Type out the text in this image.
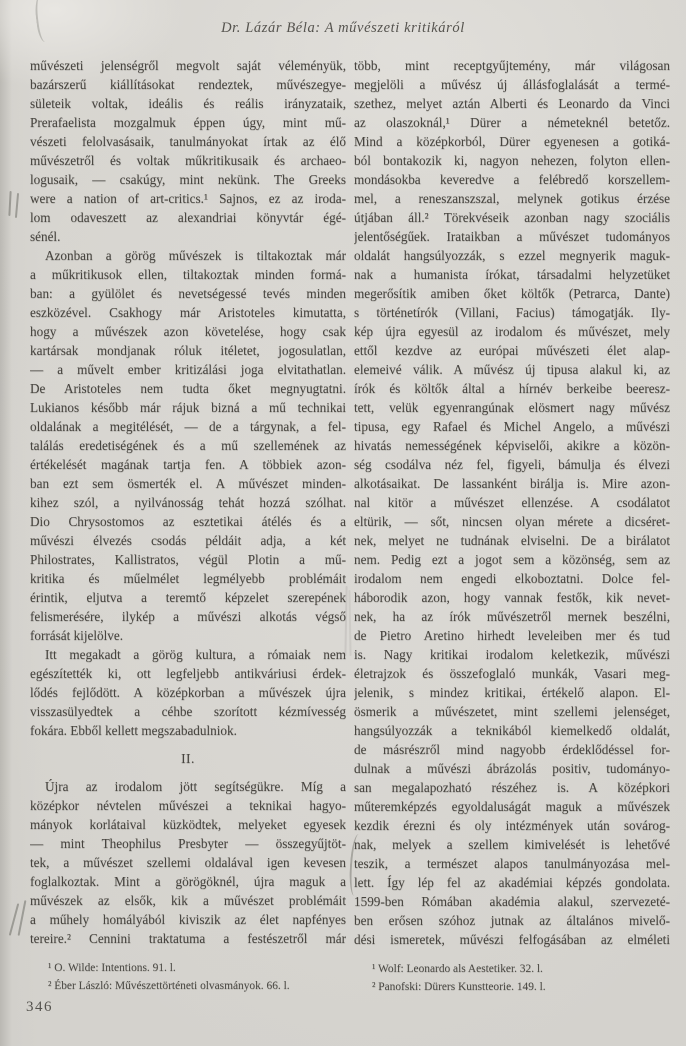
Dr. Lázár Béla: A művészeti kritikáról
művészeti jelenségről megvolt saját véleményük,
bazárszerű kiállításokat rendeztek, művészegye-
sületeik voltak, ideális és reális irányzataik,
Prerafaelista mozgalmuk éppen úgy, mint mű-
vészeti felolvasásaik, tanulmányokat írtak az élő
művészetről és voltak műkritikusaik és archaeo-
logusaik, — csakúgy, mint nekünk. The Greeks
were a nation of art-critics.¹ Sajnos, ez az iroda-
lom odaveszett az alexandriai könyvtár égé-
sénél.
Azonban a görög művészek is tiltakoztak már
a műkritikusok ellen, tiltakoztak minden formá-
ban: a gyülölet és nevetségessé tevés minden
eszközével. Csakhogy már Aristoteles kimutatta,
hogy a művészek azon követelése, hogy csak
kartársak mondjanak róluk itéletet, jogosulatlan,
— a művelt ember kritizálási joga elvitathatlan.
De Aristoteles nem tudta őket megnyugtatni.
Lukianos később már rájuk bizná a mű technikai
oldalának a megitélését, — de a tárgynak, a fel-
találás eredetiségének és a mű szellemének az
értékelését magának tartja fen. A többiek azon-
ban ezt sem ösmerték el. A művészet minden-
kihez szól, a nyilvánosság tehát hozzá szólhat.
Dio Chrysostomos az esztetikai átélés és a
művészi élvezés csodás példáit adja, a két
Philostrates, Kallistratos, végül Plotin a mű-
kritika és műelmélet legmélyebb problémáit
érintik, eljutva a teremtő képzelet szerepének
felismerésére, ilykép a művészi alkotás végső
forrását kijelölve.
Itt megakadt a görög kultura, a rómaiak nem
egészítették ki, ott legfeljebb antikváriusi érdek-
lődés fejlődött. A középkorban a művészek újra
visszasülyedtek a céhbe szorított kézmívesség
fokára. Ebből kellett megszabadulniok.
II.
Újra az irodalom jött segítségükre. Míg a
középkor névtelen művészei a teknikai hagyo-
mányok korlátaival küzködtek, melyeket egyesek
— mint Theophilus Presbyter — összegyűjtöt-
tek, a művészet szellemi oldalával igen kevesen
foglalkoztak. Mint a görögöknél, újra maguk a
művészek az elsők, kik a művészet problémáit
a műhely homályából kiviszik az élet napfényes
tereire.² Cennini traktatuma a festészetről már
¹ O. Wilde: Intentions. 91. l.
² Éber László: Művészettörténeti olvasmányok. 66. l.
több, mint receptgyűjtemény, már világosan
megjelöli a művész új állásfoglalását a termé-
szethez, melyet aztán Alberti és Leonardo da Vinci
az olaszoknál,¹ Dürer a németeknél betetőz.
Mind a középkorból, Dürer egyenesen a gotiká-
ból bontakozik ki, nagyon nehezen, folyton ellen-
mondásokba keveredve a felébredő korszellem-
mel, a reneszanszszal, melynek gotikus érzése
útjában áll.² Törekvéseik azonban nagy szociális
jelentőségűek. Irataikban a művészet tudományos
oldalát hangsúlyozzák, s ezzel megnyerik maguk-
nak a humanista írókat, társadalmi helyzetüket
megerősítik amiben őket költők (Petrarca, Dante)
s történetírók (Villani, Facius) támogatják. Ily-
kép újra egyesül az irodalom és művészet, mely
ettől kezdve az európai művészeti élet alap-
elemeivé válik. A művész új tipusa alakul ki, az
írók és költők által a hírnév berkeibe beeresz-
tett, velük egyenrangúnak elösmert nagy művész
tipusa, egy Rafael és Michel Angelo, a művészi
hivatás nemességének képviselői, akikre a közön-
ség csodálva néz fel, figyeli, bámulja és élvezi
alkotásaikat. De lassanként birálja is. Mire azon-
nal kitör a művészet ellenzése. A csodálatot
eltürik, — sőt, nincsen olyan mérete a dicséret-
nek, melyet ne tudnának elviselni. De a birálatot
nem. Pedig ezt a jogot sem a közönség, sem az
irodalom nem engedi elkoboztatni. Dolce fel-
háborodik azon, hogy vannak festők, kik nevet-
nek, ha az írók művészetről mernek beszélni,
de Pietro Aretino hirhedt leveleiben mer és tud
is. Nagy kritikai irodalom keletkezik, művészi
életrajzok és összefoglaló munkák, Vasari meg-
jelenik, s mindez kritikai, értékelő alapon. El-
ösmerik a művészetet, mint szellemi jelenséget,
hangsúlyozzák a teknikából kiemelkedő oldalát,
de másrészről mind nagyobb érdeklődéssel for-
dulnak a művészi ábrázolás positiv, tudományo-
san megalapozható részéhez is. A középkori
műteremképzés egyoldaluságát maguk a művészek
kezdik érezni és oly intézmények után sovárog-
nak, melyek a szellem kimivelését is lehetővé
teszik, a természet alapos tanulmányozása mel-
lett. Így lép fel az akadémiai képzés gondolata.
1599-ben Rómában akadémia alakul, szervezeté-
ben erősen szóhoz jutnak az általános mivelő-
dési ismeretek, művészi felfogásában az elméleti
¹ Wolf: Leonardo als Aestetiker. 32. l.
² Panofski: Dürers Kunstteorie. 149. l.
346
